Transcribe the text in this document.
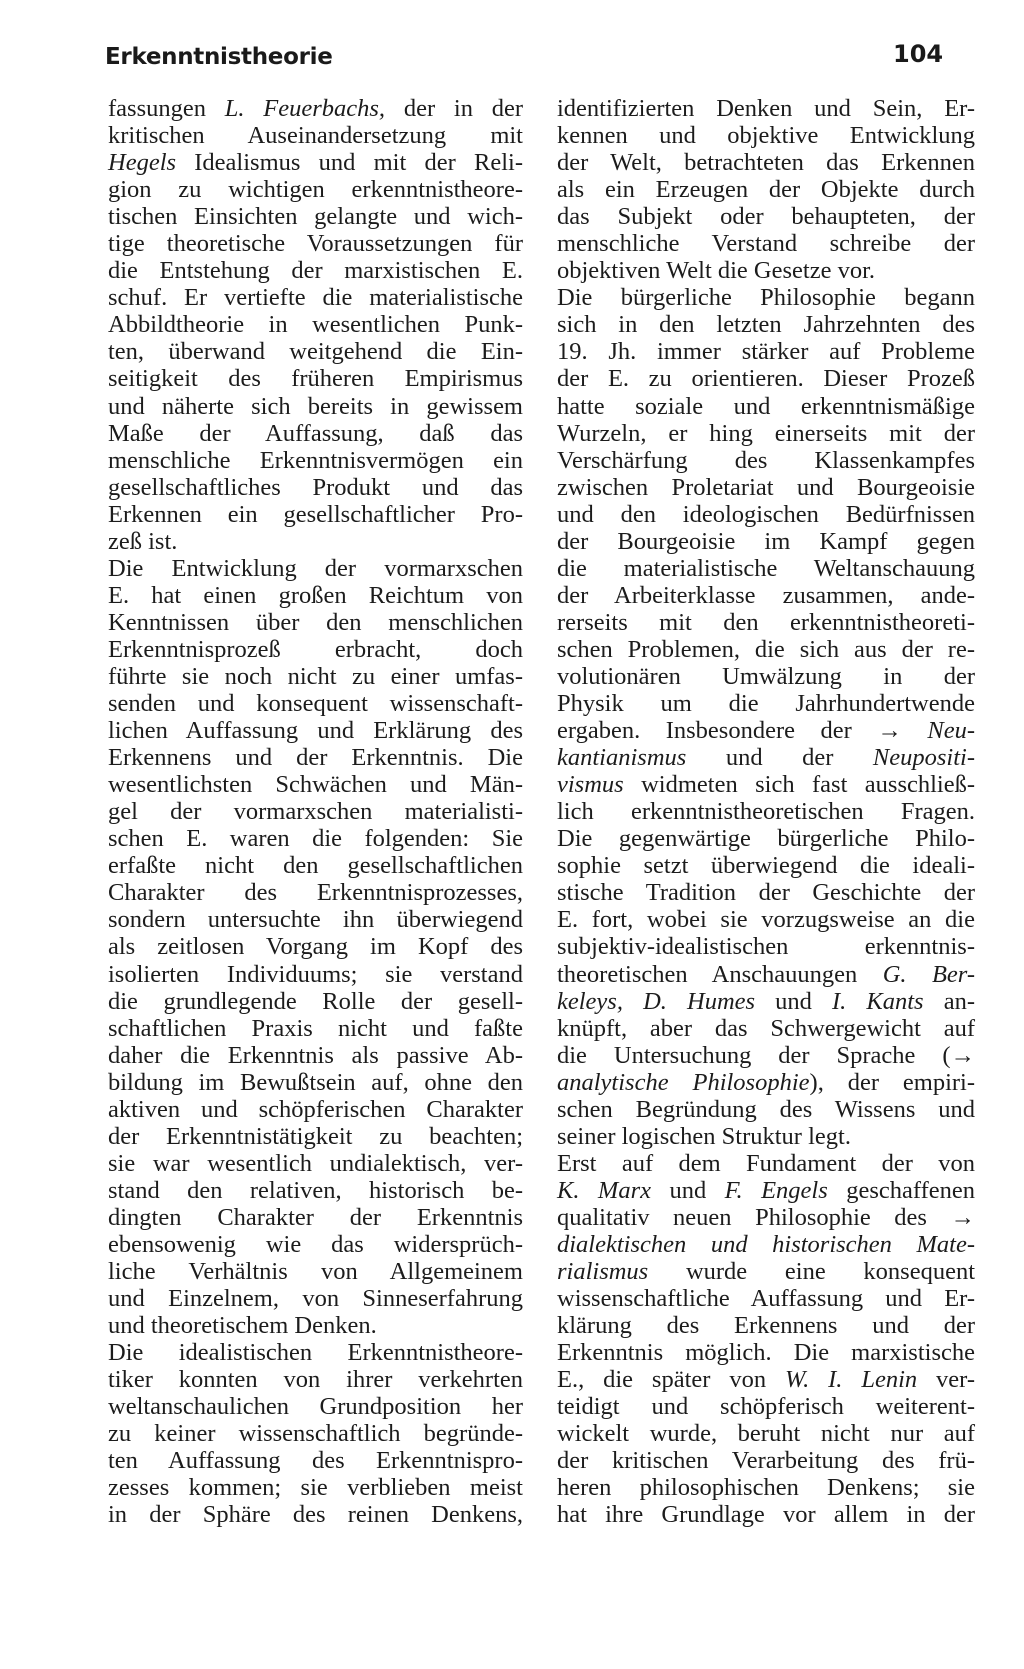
Erkenntnistheorie	104
fassungen L. Feuerbachs, der in der
kritischen Auseinandersetzung mit
Hegels Idealismus und mit der Reli-
gion zu wichtigen erkenntnistheore-
tischen Einsichten gelangte und wich-
tige theoretische Voraussetzungen für
die Entstehung der marxistischen E.
schuf. Er vertiefte die materialistische
Abbildtheorie in wesentlichen Punk-
ten, überwand weitgehend die Ein-
seitigkeit des früheren Empirismus
und näherte sich bereits in gewissem
Maße der Auffassung, daß das
menschliche Erkenntnisvermögen ein
gesellschaftliches Produkt und das
Erkennen ein gesellschaftlicher Pro-
zeß ist.
Die Entwicklung der vormarxschen
E. hat einen großen Reichtum von
Kenntnissen über den menschlichen
Erkenntnisprozeß erbracht, doch
führte sie noch nicht zu einer umfas-
senden und konsequent wissenschaft-
lichen Auffassung und Erklärung des
Erkennens und der Erkenntnis. Die
wesentlichsten Schwächen und Män-
gel der vormarxschen materialisti-
schen E. waren die folgenden: Sie
erfaßte nicht den gesellschaftlichen
Charakter des Erkenntnisprozesses,
sondern untersuchte ihn überwiegend
als zeitlosen Vorgang im Kopf des
isolierten Individuums; sie verstand
die grundlegende Rolle der gesell-
schaftlichen Praxis nicht und faßte
daher die Erkenntnis als passive Ab-
bildung im Bewußtsein auf, ohne den
aktiven und schöpferischen Charakter
der Erkenntnistätigkeit zu beachten;
sie war wesentlich undialektisch, ver-
stand den relativen, historisch be-
dingten Charakter der Erkenntnis
ebensowenig wie das widersprüch-
liche Verhältnis von Allgemeinem
und Einzelnem, von Sinneserfahrung
und theoretischem Denken.
Die idealistischen Erkenntnistheore-
tiker konnten von ihrer verkehrten
weltanschaulichen Grundposition her
zu keiner wissenschaftlich begründe-
ten Auffassung des Erkenntnispro-
zesses kommen; sie verblieben meist
in der Sphäre des reinen Denkens,
identifizierten Denken und Sein, Er-
kennen und objektive Entwicklung
der Welt, betrachteten das Erkennen
als ein Erzeugen der Objekte durch
das Subjekt oder behaupteten, der
menschliche Verstand schreibe der
objektiven Welt die Gesetze vor.
Die bürgerliche Philosophie begann
sich in den letzten Jahrzehnten des
19. Jh. immer stärker auf Probleme
der E. zu orientieren. Dieser Prozeß
hatte soziale und erkenntnismäßige
Wurzeln, er hing einerseits mit der
Verschärfung des Klassenkampfes
zwischen Proletariat und Bourgeoisie
und den ideologischen Bedürfnissen
der Bourgeoisie im Kampf gegen
die materialistische Weltanschauung
der Arbeiterklasse zusammen, ande-
rerseits mit den erkenntnistheoreti-
schen Problemen, die sich aus der re-
volutionären Umwälzung in der
Physik um die Jahrhundertwende
ergaben. Insbesondere der → Neu-
kantianismus und der Neupositi-
vismus widmeten sich fast ausschließ-
lich erkenntnistheoretischen Fragen.
Die gegenwärtige bürgerliche Philo-
sophie setzt überwiegend die ideali-
stische Tradition der Geschichte der
E. fort, wobei sie vorzugsweise an die
subjektiv-idealistischen erkenntnis-
theoretischen Anschauungen G. Ber-
keleys, D. Humes und I. Kants an-
knüpft, aber das Schwergewicht auf
die Untersuchung der Sprache (→
analytische Philosophie), der empiri-
schen Begründung des Wissens und
seiner logischen Struktur legt.
Erst auf dem Fundament der von
K. Marx und F. Engels geschaffenen
qualitativ neuen Philosophie des →
dialektischen und historischen Mate-
rialismus wurde eine konsequent
wissenschaftliche Auffassung und Er-
klärung des Erkennens und der
Erkenntnis möglich. Die marxistische
E., die später von W. I. Lenin ver-
teidigt und schöpferisch weiterent-
wickelt wurde, beruht nicht nur auf
der kritischen Verarbeitung des frü-
heren philosophischen Denkens; sie
hat ihre Grundlage vor allem in der
